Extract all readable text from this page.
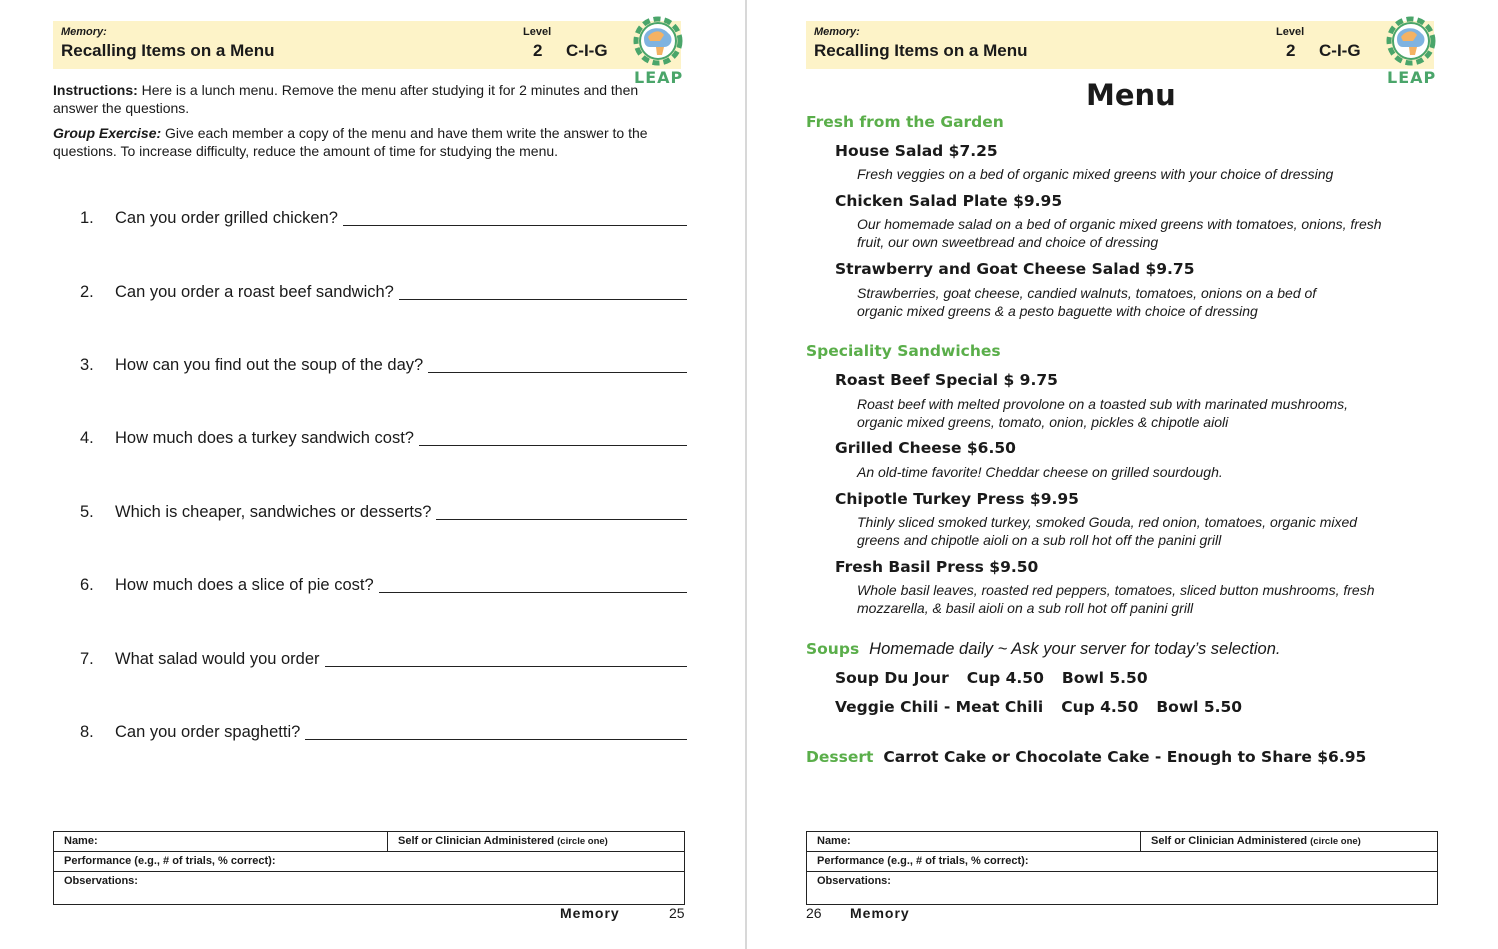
Memory:
Recalling Items on a Menu
Level
2 C-I-G
LEAP
Instructions: Here is a lunch menu. Remove the menu after studying it for 2 minutes and then answer the questions.
Group Exercise: Give each member a copy of the menu and have them write the answer to the questions. To increase difficulty, reduce the amount of time for studying the menu.
1.	Can you order grilled chicken?
2.	Can you order a roast beef sandwich?
3.	How can you find out the soup of the day?
4.	How much does a turkey sandwich cost?
5.	Which is cheaper, sandwiches or desserts?
6.	How much does a slice of pie cost?
7.	What salad would you order
8.	Can you order spaghetti?
Name:	Self or Clinician Administered (circle one)
Performance (e.g., # of trials, % correct):
Observations:
Memory	25
Memory:
Recalling Items on a Menu
Level
2 C-I-G
LEAP
Menu
Fresh from the Garden
House Salad $7.25
Fresh veggies on a bed of organic mixed greens with your choice of dressing
Chicken Salad Plate $9.95
Our homemade salad on a bed of organic mixed greens with tomatoes, onions, fresh fruit, our own sweetbread and choice of dressing
Strawberry and Goat Cheese Salad $9.75
Strawberries, goat cheese, candied walnuts, tomatoes, onions on a bed of organic mixed greens & a pesto baguette with choice of dressing
Speciality Sandwiches
Roast Beef Special $ 9.75
Roast beef with melted provolone on a toasted sub with marinated mushrooms, organic mixed greens, tomato, onion, pickles & chipotle aioli
Grilled Cheese $6.50
An old-time favorite! Cheddar cheese on grilled sourdough.
Chipotle Turkey Press $9.95
Thinly sliced smoked turkey, smoked Gouda, red onion, tomatoes, organic mixed greens and chipotle aioli on a sub roll hot off the panini grill
Fresh Basil Press $9.50
Whole basil leaves, roasted red peppers, tomatoes, sliced button mushrooms, fresh mozzarella, & basil aioli on a sub roll hot off panini grill
Soups Homemade daily ~ Ask your server for today’s selection.
Soup Du Jour Cup 4.50 Bowl 5.50
Veggie Chili - Meat Chili Cup 4.50 Bowl 5.50
Dessert Carrot Cake or Chocolate Cake - Enough to Share $6.95
Name:	Self or Clinician Administered (circle one)
Performance (e.g., # of trials, % correct):
Observations:
26 Memory
